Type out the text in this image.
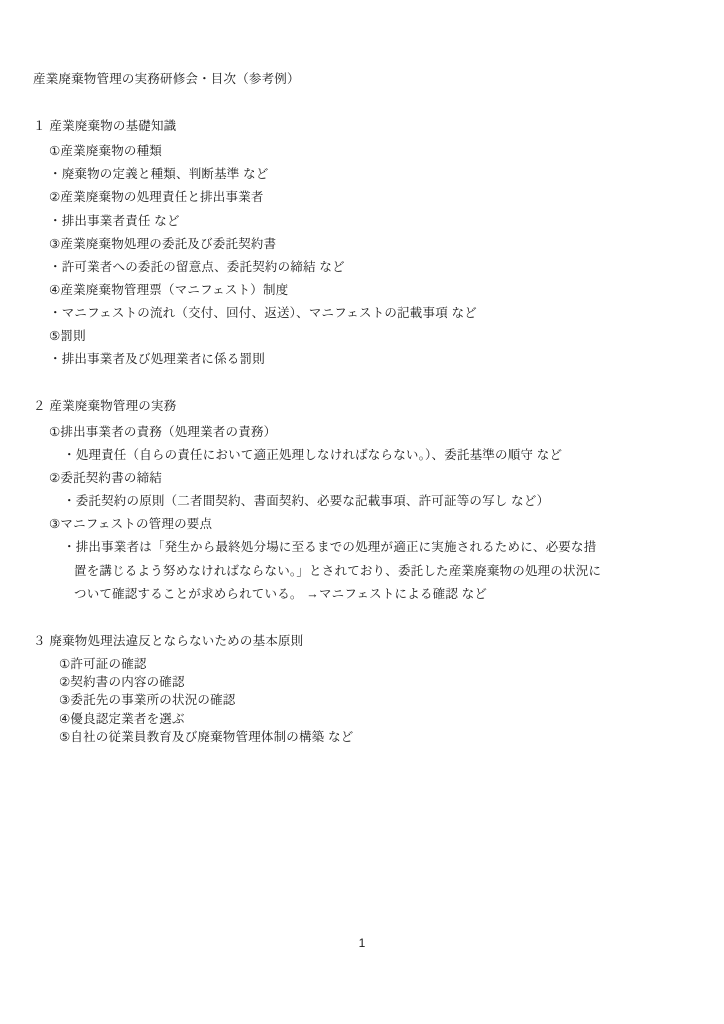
産業廃棄物管理の実務研修会・目次（参考例）

１ 産業廃棄物の基礎知識

①産業廃棄物の種類

・廃棄物の定義と種類、判断基準 など

②産業廃棄物の処理責任と排出事業者

・排出事業者責任 など

③産業廃棄物処理の委託及び委託契約書

・許可業者への委託の留意点、委託契約の締結 など

④産業廃棄物管理票（マニフェスト）制度

・マニフェストの流れ（交付、回付、返送）、マニフェストの記載事項 など

⑤罰則

・排出事業者及び処理業者に係る罰則

２ 産業廃棄物管理の実務

①排出事業者の責務（処理業者の責務）

・処理責任（自らの責任において適正処理しなければならない。）、委託基準の順守 など

②委託契約書の締結

・委託契約の原則（二者間契約、書面契約、必要な記載事項、許可証等の写し など）

③マニフェストの管理の要点

・排出事業者は「発生から最終処分場に至るまでの処理が適正に実施されるために、必要な措

置を講じるよう努めなければならない。」とされており、委託した産業廃棄物の処理の状況に

ついて確認することが求められている。 →マニフェストによる確認 など

３ 廃棄物処理法違反とならないための基本原則

①許可証の確認

②契約書の内容の確認

③委託先の事業所の状況の確認

④優良認定業者を選ぶ

⑤自社の従業員教育及び廃棄物管理体制の構築 など

1
